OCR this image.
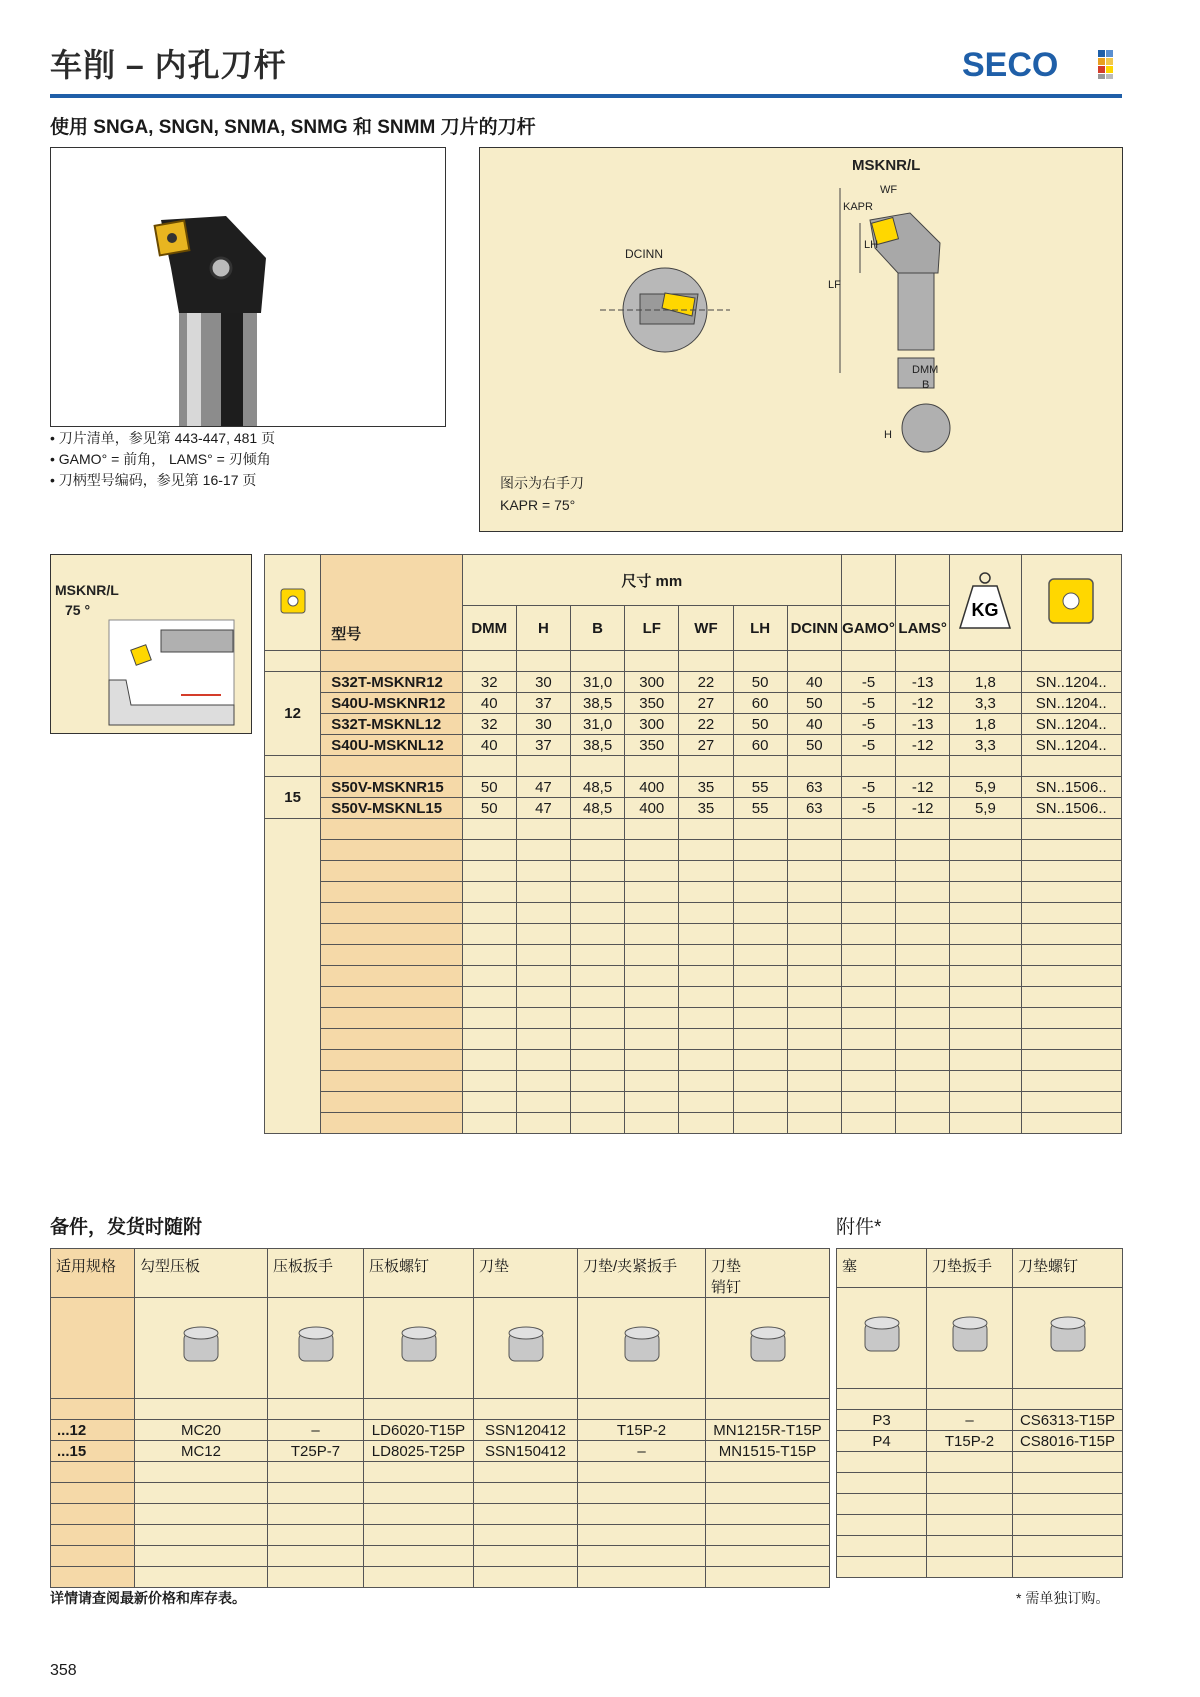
车削 – 内孔刀杆	SECO
使用 SNGA, SNGN, SNMA, SNMG 和 SNMM 刀片的刀杆
• 刀片清单，参见第 443-447, 481 页
• GAMO° = 前角， LAMS° = 刃倾角
• 刀柄型号编码，参见第 16-17 页
MSKNR/L
DCINN
WF
KAPR
LH
LF
DMM
B
H
图示为右手刀
KAPR = 75°
MSKNR/L
75 °
	型号	尺寸 mm									KG

		DMM	H	B	LF	WF	LH	DCINN	GAMO°	LAMS°		

12	S32T-MSKNR12	32	30	31,0	300	22	50	40	-5	-13	1,8	SN..1204..
	S40U-MSKNR12	40	37	38,5	350	27	60	50	-5	-12	3,3	SN..1204..
	S32T-MSKNL12	32	30	31,0	300	22	50	40	-5	-13	1,8	SN..1204..
	S40U-MSKNL12	40	37	38,5	350	27	60	50	-5	-12	3,3	SN..1204..

15	S50V-MSKNR15	50	47	48,5	400	35	55	63	-5	-12	5,9	SN..1506..
	S50V-MSKNL15	50	47	48,5	400	35	55	63	-5	-12	5,9	SN..1506..

备件，发货时随附	附件*
适用规格	勾型压板	压板扳手	压板螺钉	刀垫	刀垫/夹紧扳手	刀垫
销钉

...12	MC20	–	LD6020-T15P	SSN120412	T15P-2	MN1215R-T15P
...15	MC12	T25P-7	LD8025-T25P	SSN150412	–	MN1515-T15P

塞	刀垫扳手	刀垫螺钉

P3	–	CS6313-T15P
P4	T15P-2	CS8016-T15P

详情请查阅最新价格和库存表。	* 需单独订购。
358
